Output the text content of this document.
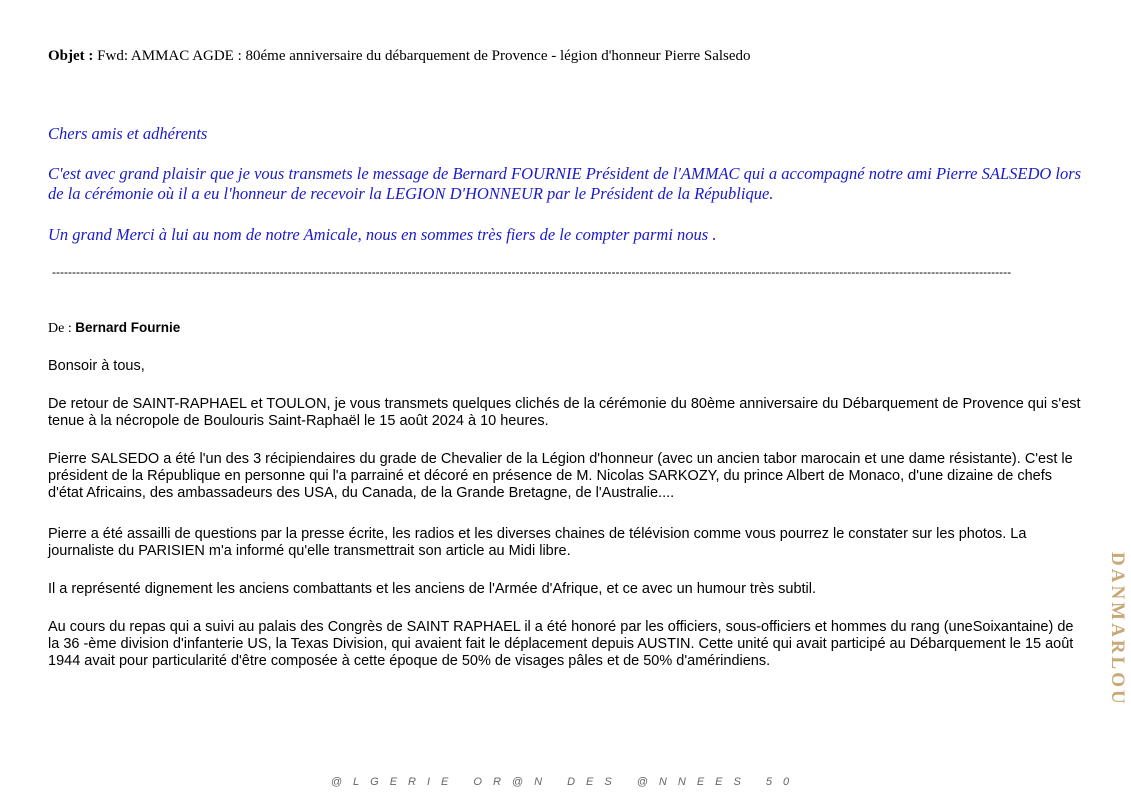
Objet : Fwd: AMMAC AGDE : 80éme anniversaire du débarquement de Provence - légion d'honneur Pierre Salsedo

Chers amis et adhérents

C'est avec grand plaisir que je vous transmets le message de Bernard FOURNIE Président de l'AMMAC qui a accompagné notre ami Pierre SALSEDO lors de la cérémonie où il a eu l'honneur de recevoir la LEGION D'HONNEUR par le Président de la République.

Un grand Merci à lui au nom de notre Amicale, nous en sommes très fiers de le compter parmi nous .

------------------------------------------------------------------------------------------------------------------------------------------------------------------------------------------------------------------------------------------------

De : Bernard Fournie

Bonsoir à tous,

De retour de SAINT-RAPHAEL et TOULON, je vous transmets quelques clichés de la cérémonie du 80ème anniversaire du Débarquement de Provence qui s'est tenue à la nécropole de Boulouris Saint-Raphaël le 15 août 2024 à 10 heures.

Pierre SALSEDO a été l'un des 3 récipiendaires du grade de Chevalier de la Légion d'honneur (avec un ancien tabor marocain et une dame résistante). C'est le président de la République en personne qui l'a parrainé et décoré en présence de M. Nicolas SARKOZY, du prince Albert de Monaco, d'une dizaine de chefs d'état Africains, des ambassadeurs des USA, du Canada, de la Grande Bretagne, de l'Australie....

Pierre a été assailli de questions par la presse écrite, les radios et les diverses chaines de télévision comme vous pourrez le constater sur les photos. La journaliste du PARISIEN m'a informé qu'elle transmettrait son article au Midi libre.

Il a représenté dignement les anciens combattants et les anciens de l'Armée d'Afrique, et ce avec un humour très subtil.

Au cours du repas qui a suivi au palais des Congrès de SAINT RAPHAEL il a été honoré par les officiers, sous-officiers et hommes du rang (uneSoixantaine) de la 36 -ème division d'infanterie US, la Texas Division, qui avaient fait le déplacement depuis AUSTIN. Cette unité qui avait participé au Débarquement le 15 août 1944 avait pour particularité d'être composée à cette époque de 50% de visages pâles et de 50% d'amérindiens.

@LGERIE OR@N DES @NNEES 50
DANMARLOU
